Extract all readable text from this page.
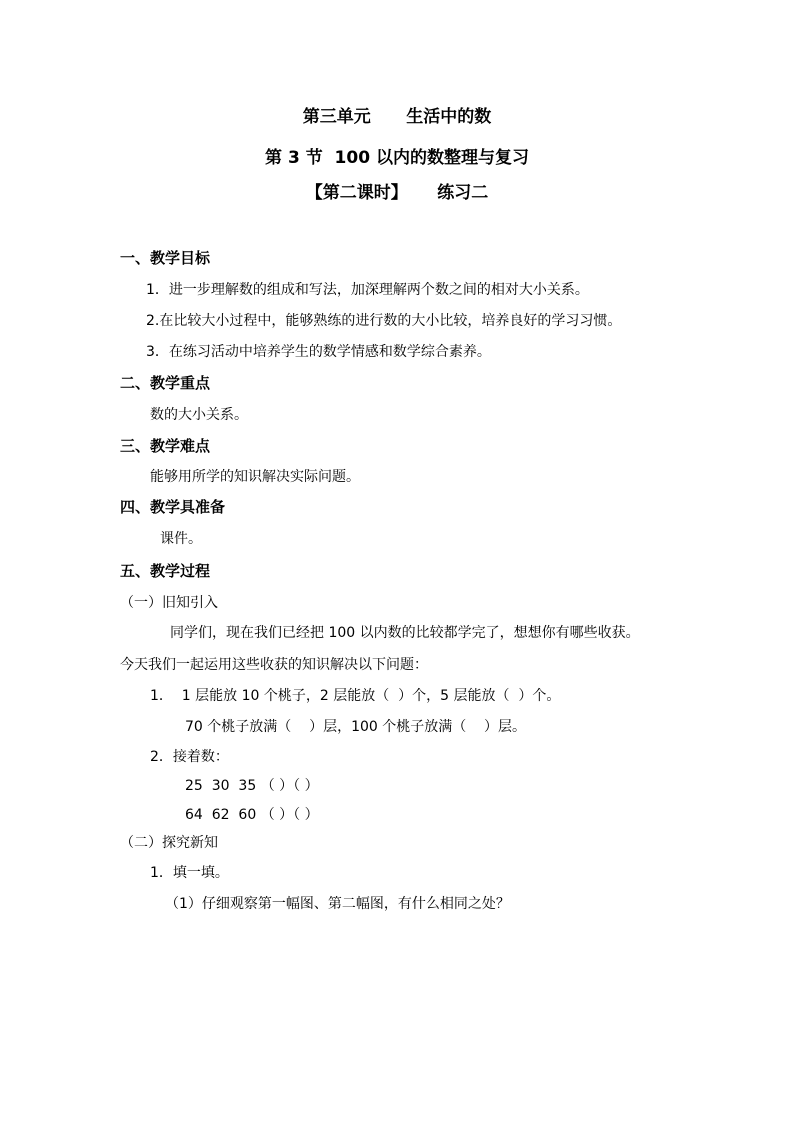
第三单元      生活中的数
第 3 节  100 以内的数整理与复习
【第二课时】     练习二
一、教学目标
1．进一步理解数的组成和写法，加深理解两个数之间的相对大小关系。
2.在比较大小过程中，能够熟练的进行数的大小比较，培养良好的学习习惯。
3．在练习活动中培养学生的数学情感和数学综合素养。
二、教学重点
数的大小关系。
三、教学难点
能够用所学的知识解决实际问题。
四、教学具准备
课件。
五、教学过程
（一）旧知引入
同学们，现在我们已经把 100 以内数的比较都学完了，想想你有哪些收获。
今天我们一起运用这些收获的知识解决以下问题：
1．  1 层能放 10 个桃子，2 层能放（  ）个，5 层能放（  ）个。
70 个桃子放满（    ）层，100 个桃子放满（    ）层。
2．接着数：
25  30  35 （ ）（ ）
64  62  60 （ ）（ ）
（二）探究新知
1．填一填。
（1）仔细观察第一幅图、第二幅图，有什么相同之处？
